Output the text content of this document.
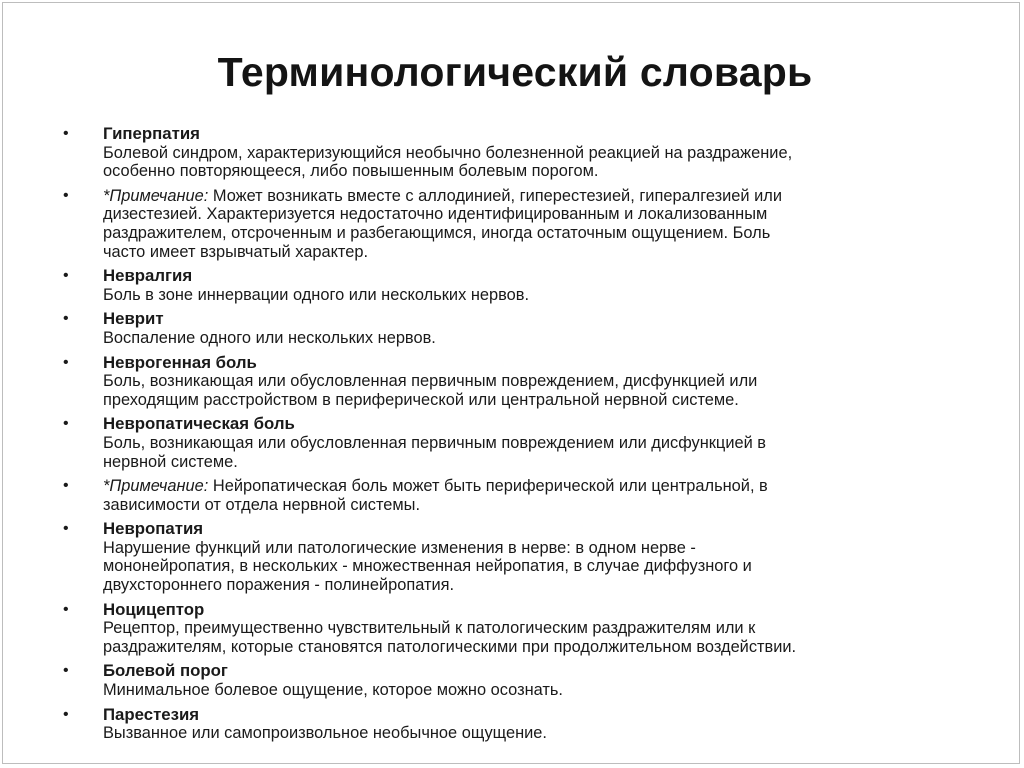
Терминологический словарь
•	Гиперпатия
Болевой синдром, характеризующийся необычно болезненной реакцией на раздражение,
особенно повторяющееся, либо повышенным болевым порогом.
•	*Примечание: Может возникать вместе с аллодинией, гиперестезией, гипералгезией или
дизестезией. Характеризуется недостаточно идентифицированным и локализованным
раздражителем, отсроченным и разбегающимся, иногда остаточным ощущением. Боль
часто имеет взрывчатый характер.
•	Невралгия
Боль в зоне иннервации одного или нескольких нервов.
•	Неврит
Воспаление одного или нескольких нервов.
•	Неврогенная боль
Боль, возникающая или обусловленная первичным повреждением, дисфункцией или
преходящим расстройством в периферической или центральной нервной системе.
•	Невропатическая боль
Боль, возникающая или обусловленная первичным повреждением или дисфункцией в
нервной системе.
•	*Примечание: Нейропатическая боль может быть периферической или центральной, в
зависимости от отдела нервной системы.
•	Невропатия
Нарушение функций или патологические изменения в нерве: в одном нерве -
мононейропатия, в нескольких - множественная нейропатия, в случае диффузного и
двухстороннего поражения - полинейропатия.
•	Ноцицептор
Рецептор, преимущественно чувствительный к патологическим раздражителям или к
раздражителям, которые становятся патологическими при продолжительном воздействии.
•	Болевой порог
Минимальное болевое ощущение, которое можно осознать.
•	Парестезия
Вызванное или самопроизвольное необычное ощущение.
